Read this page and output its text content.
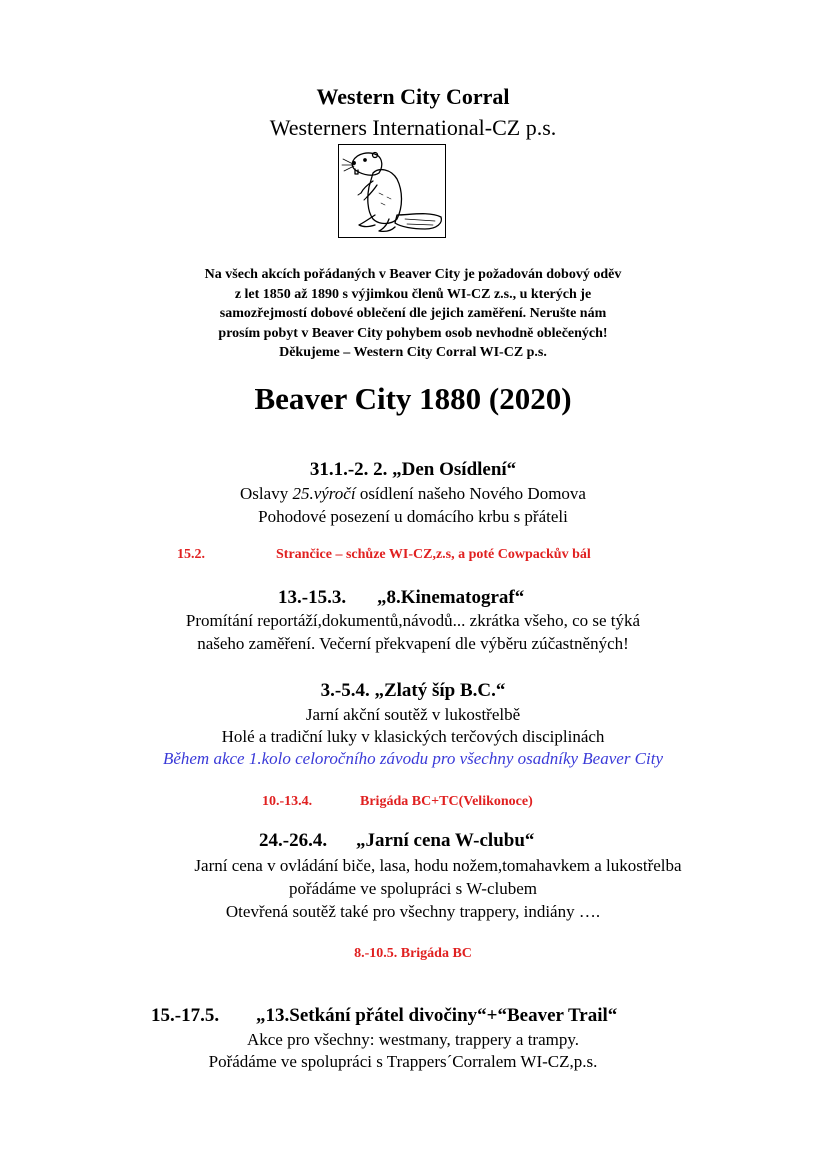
Western City Corral
Westerners International-CZ p.s.
Na všech akcích pořádaných v Beaver City je požadován dobový oděv
z let 1850 až 1890 s výjimkou členů WI-CZ z.s., u kterých je
samozřejmostí dobové oblečení dle jejich zaměření. Nerušte nám
prosím pobyt v Beaver City pohybem osob nevhodně oblečených!
Děkujeme – Western City Corral WI-CZ p.s.
Beaver City 1880 (2020)
31.1.-2. 2. „Den Osídlení“
Oslavy 25.výročí osídlení našeho Nového Domova
Pohodové posezení u domácího krbu s přáteli
15.2.	Strančice – schůze WI-CZ,z.s, a poté Cowpackův bál
13.-15.3. „8.Kinematograf“
Promítání reportáží,dokumentů,návodů... zkrátka všeho, co se týká
našeho zaměření. Večerní překvapení dle výběru zúčastněných!
3.-5.4. „Zlatý šíp B.C.“
Jarní akční soutěž v lukostřelbě
Holé a tradiční luky v klasických terčových disciplinách
Během akce 1.kolo celoročního závodu pro všechny osadníky Beaver City
10.-13.4.	Brigáda BC+TC(Velikonoce)
24.-26.4. „Jarní cena W-clubu“
Jarní cena v ovládání biče, lasa, hodu nožem,tomahavkem a lukostřelba
pořádáme ve spolupráci s W-clubem
Otevřená soutěž také pro všechny trappery, indiány ….
8.-10.5. Brigáda BC
15.-17.5. „13.Setkání přátel divočiny“+“Beaver Trail“
Akce pro všechny: westmany, trappery a trampy.
Pořádáme ve spolupráci s Trappers´Corralem WI-CZ,p.s.
